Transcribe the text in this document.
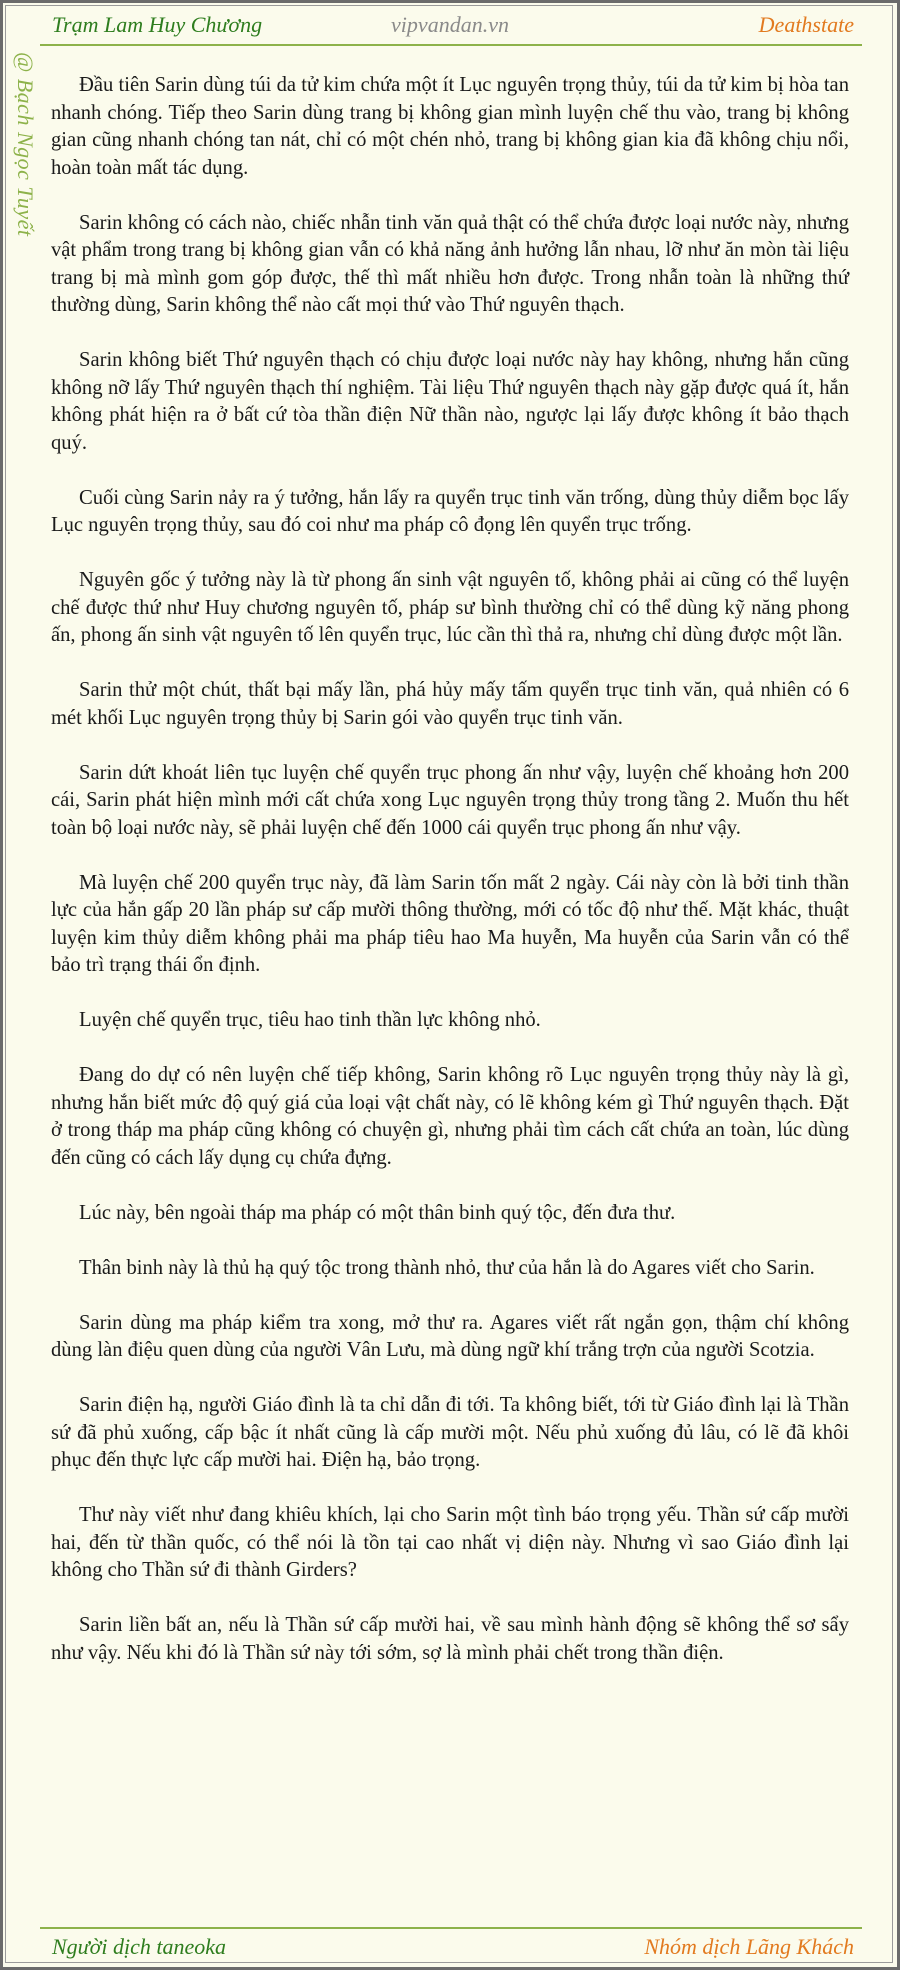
Trạm Lam Huy Chương	vipvandan.vn	Deathstate
@ Bạch Ngọc Tuyết	Đầu tiên Sarin dùng túi da tử kim chứa một ít Lục nguyên trọng thủy, túi da tử kim bị hòa tan nhanh chóng. Tiếp theo Sarin dùng trang bị không gian mình luyện chế thu vào, trang bị không gian cũng nhanh chóng tan nát, chỉ có một chén nhỏ, trang bị không gian kia đã không chịu nổi, hoàn toàn mất tác dụng.

Sarin không có cách nào, chiếc nhẫn tinh văn quả thật có thể chứa được loại nước này, nhưng vật phẩm trong trang bị không gian vẫn có khả năng ảnh hưởng lẫn nhau, lỡ như ăn mòn tài liệu trang bị mà mình gom góp được, thế thì mất nhiều hơn được. Trong nhẫn toàn là những thứ thường dùng, Sarin không thể nào cất mọi thứ vào Thứ nguyên thạch.

Sarin không biết Thứ nguyên thạch có chịu được loại nước này hay không, nhưng hắn cũng không nỡ lấy Thứ nguyên thạch thí nghiệm. Tài liệu Thứ nguyên thạch này gặp được quá ít, hắn không phát hiện ra ở bất cứ tòa thần điện Nữ thần nào, ngược lại lấy được không ít bảo thạch quý.

Cuối cùng Sarin nảy ra ý tưởng, hắn lấy ra quyển trục tinh văn trống, dùng thủy diễm bọc lấy Lục nguyên trọng thủy, sau đó coi như ma pháp cô đọng lên quyển trục trống.

Nguyên gốc ý tưởng này là từ phong ấn sinh vật nguyên tố, không phải ai cũng có thể luyện chế được thứ như Huy chương nguyên tố, pháp sư bình thường chỉ có thể dùng kỹ năng phong ấn, phong ấn sinh vật nguyên tố lên quyển trục, lúc cần thì thả ra, nhưng chỉ dùng được một lần.

Sarin thử một chút, thất bại mấy lần, phá hủy mấy tấm quyển trục tinh văn, quả nhiên có 6 mét khối Lục nguyên trọng thủy bị Sarin gói vào quyển trục tinh văn.

Sarin dứt khoát liên tục luyện chế quyển trục phong ấn như vậy, luyện chế khoảng hơn 200 cái, Sarin phát hiện mình mới cất chứa xong Lục nguyên trọng thủy trong tầng 2. Muốn thu hết toàn bộ loại nước này, sẽ phải luyện chế đến 1000 cái quyển trục phong ấn như vậy.

Mà luyện chế 200 quyển trục này, đã làm Sarin tốn mất 2 ngày. Cái này còn là bởi tinh thần lực của hắn gấp 20 lần pháp sư cấp mười thông thường, mới có tốc độ như thế. Mặt khác, thuật luyện kim thủy diễm không phải ma pháp tiêu hao Ma huyễn, Ma huyễn của Sarin vẫn có thể bảo trì trạng thái ổn định.

Luyện chế quyển trục, tiêu hao tinh thần lực không nhỏ.

Đang do dự có nên luyện chế tiếp không, Sarin không rõ Lục nguyên trọng thủy này là gì, nhưng hắn biết mức độ quý giá của loại vật chất này, có lẽ không kém gì Thứ nguyên thạch. Đặt ở trong tháp ma pháp cũng không có chuyện gì, nhưng phải tìm cách cất chứa an toàn, lúc dùng đến cũng có cách lấy dụng cụ chứa đựng.

Lúc này, bên ngoài tháp ma pháp có một thân binh quý tộc, đến đưa thư.

Thân binh này là thủ hạ quý tộc trong thành nhỏ, thư của hắn là do Agares viết cho Sarin.

Sarin dùng ma pháp kiểm tra xong, mở thư ra. Agares viết rất ngắn gọn, thậm chí không dùng làn điệu quen dùng của người Vân Lưu, mà dùng ngữ khí trắng trợn của người Scotzia.

Sarin điện hạ, người Giáo đình là ta chỉ dẫn đi tới. Ta không biết, tới từ Giáo đình lại là Thần sứ đã phủ xuống, cấp bậc ít nhất cũng là cấp mười một. Nếu phủ xuống đủ lâu, có lẽ đã khôi phục đến thực lực cấp mười hai. Điện hạ, bảo trọng.

Thư này viết như đang khiêu khích, lại cho Sarin một tình báo trọng yếu. Thần sứ cấp mười hai, đến từ thần quốc, có thể nói là tồn tại cao nhất vị diện này. Nhưng vì sao Giáo đình lại không cho Thần sứ đi thành Girders?

Sarin liền bất an, nếu là Thần sứ cấp mười hai, về sau mình hành động sẽ không thể sơ sẩy như vậy. Nếu khi đó là Thần sứ này tới sớm, sợ là mình phải chết trong thần điện.

Người dịch taneoka	Nhóm dịch Lãng Khách
